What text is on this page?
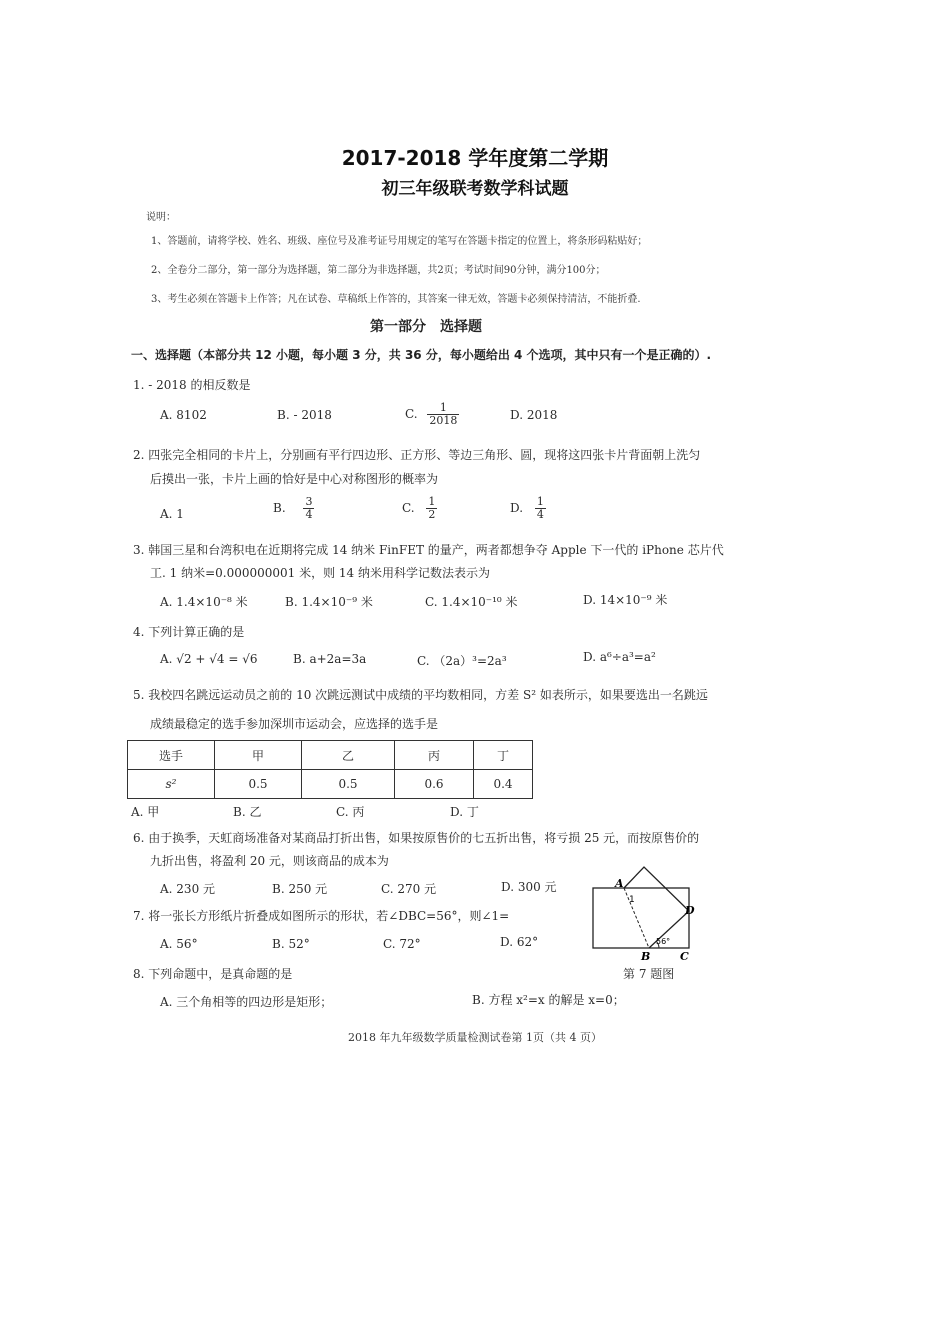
2017-2018 学年度第二学期
初三年级联考数学科试题
说明：
1、答题前，请将学校、姓名、班级、座位号及准考证号用规定的笔写在答题卡指定的位置上，将条形码粘贴好；
2、全卷分二部分，第一部分为选择题，第二部分为非选择题，共2页；考试时间90分钟，满分100分；
3、考生必须在答题卡上作答；凡在试卷、草稿纸上作答的，其答案一律无效，答题卡必须保持清洁，不能折叠.
第一部分　选择题
一、选择题（本部分共 12 小题，每小题 3 分，共 36 分，每小题给出 4 个选项，其中只有一个是正确的）.
1. - 2018 的相反数是
A. 8102	B. - 2018	C. $\frac{1}{2018}$	D. 2018
2. 四张完全相同的卡片上，分别画有平行四边形、正方形、等边三角形、圆，现将这四张卡片背面朝上洗匀
后摸出一张，卡片上画的恰好是中心对称图形的概率为
A. 1	B. $\frac{3}{4}$	C. $\frac{1}{2}$	D. $\frac{1}{4}$
3. 韩国三星和台湾积电在近期将完成 14 纳米 FinFET 的量产，两者都想争夺 Apple 下一代的 iPhone 芯片代
工. 1 纳米=0.000000001 米，则 14 纳米用科学记数法表示为
A. 1.4×10⁻⁸ 米	B. 1.4×10⁻⁹ 米	C. 1.4×10⁻¹⁰ 米	D. 14×10⁻⁹ 米
4. 下列计算正确的是
A. √2 + √4 = √6	B. a+2a=3a	C. （2a）³=2a³	D. a⁶÷a³=a²
5. 我校四名跳远运动员之前的 10 次跳远测试中成绩的平均数相同，方差 S² 如表所示，如果要选出一名跳远
成绩最稳定的选手参加深圳市运动会，应选择的选手是
选手	甲	乙	丙	丁
s²	0.5	0.5	0.6	0.4
A. 甲	B. 乙	C. 丙	D. 丁
6. 由于换季，天虹商场准备对某商品打折出售，如果按原售价的七五折出售，将亏损 25 元，而按原售价的
九折出售，将盈利 20 元，则该商品的成本为
A. 230 元	B. 250 元	C. 270 元	D. 300 元
7. 将一张长方形纸片折叠成如图所示的形状，若∠DBC=56°，则∠1=
A. 56°	B. 52°	C. 72°	D. 62°
A
1
D
56°
B	C
第 7 题图
8. 下列命题中，是真命题的是
A. 三个角相等的四边形是矩形；	B. 方程 x²=x 的解是 x=0；
2018 年九年级数学质量检测试卷第 1页（共 4 页）
